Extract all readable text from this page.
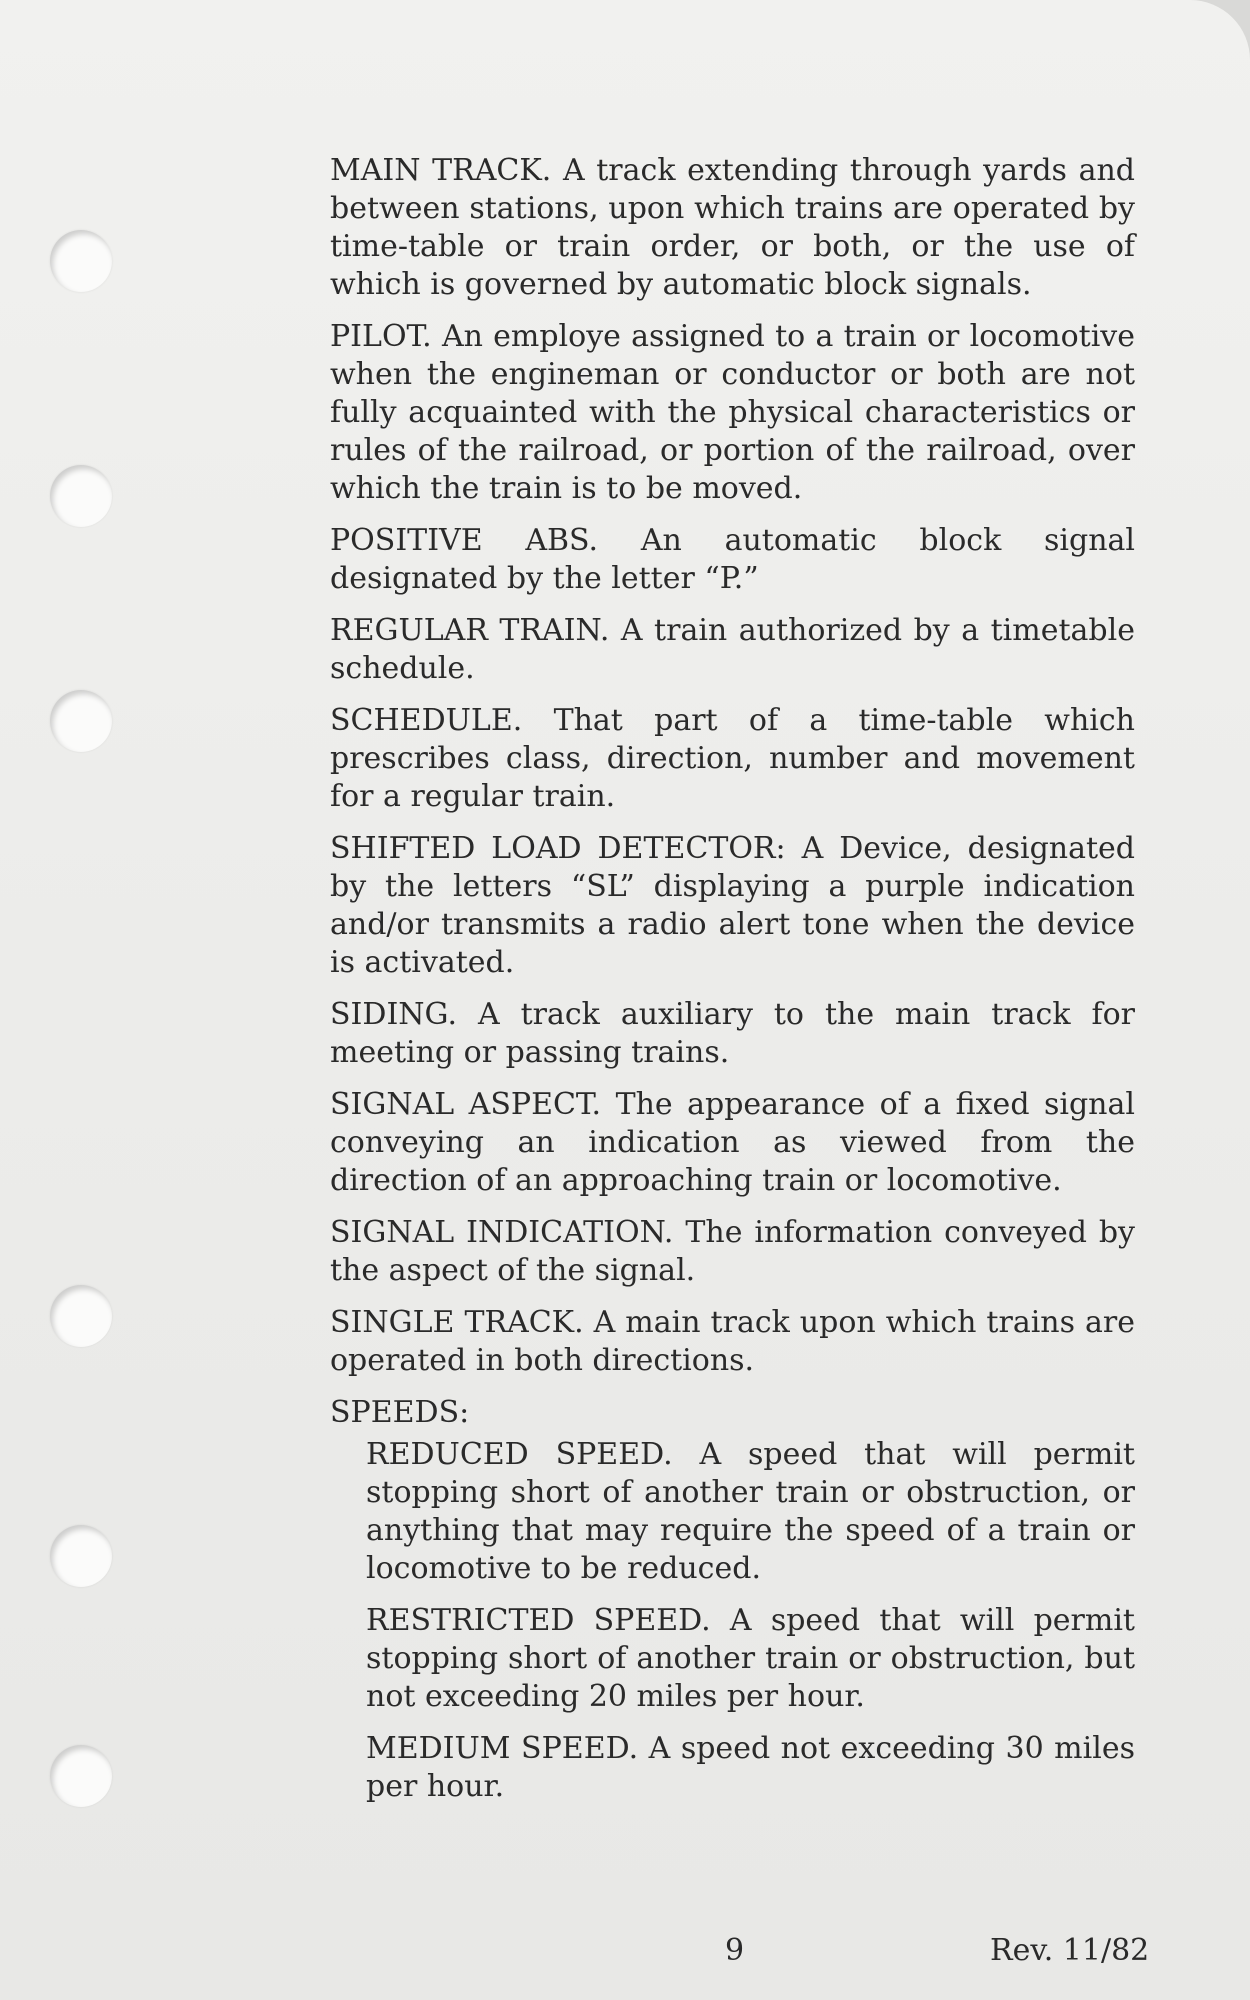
MAIN TRACK. A track extending through yards and between stations, upon which trains are operated by time-table or train order, or both, or the use of which is governed by automatic block signals.

PILOT. An employe assigned to a train or locomotive when the engineman or conductor or both are not fully acquainted with the physical characteristics or rules of the railroad, or portion of the railroad, over which the train is to be moved.

POSITIVE ABS. An automatic block signal designated by the letter “P.”

REGULAR TRAIN. A train authorized by a timetable schedule.

SCHEDULE. That part of a time-table which prescribes class, direction, number and movement for a regular train.

SHIFTED LOAD DETECTOR: A Device, designated by the letters “SL” displaying a purple indication and/or transmits a radio alert tone when the device is activated.

SIDING. A track auxiliary to the main track for meeting or passing trains.

SIGNAL ASPECT. The appearance of a fixed signal conveying an indication as viewed from the direction of an approaching train or locomotive.

SIGNAL INDICATION. The information conveyed by the aspect of the signal.

SINGLE TRACK. A main track upon which trains are operated in both directions.

SPEEDS:

REDUCED SPEED. A speed that will permit stopping short of another train or obstruction, or anything that may require the speed of a train or locomotive to be reduced.

RESTRICTED SPEED. A speed that will permit stopping short of another train or obstruction, but not exceeding 20 miles per hour.

MEDIUM SPEED. A speed not exceeding 30 miles per hour.

9	Rev. 11/82
